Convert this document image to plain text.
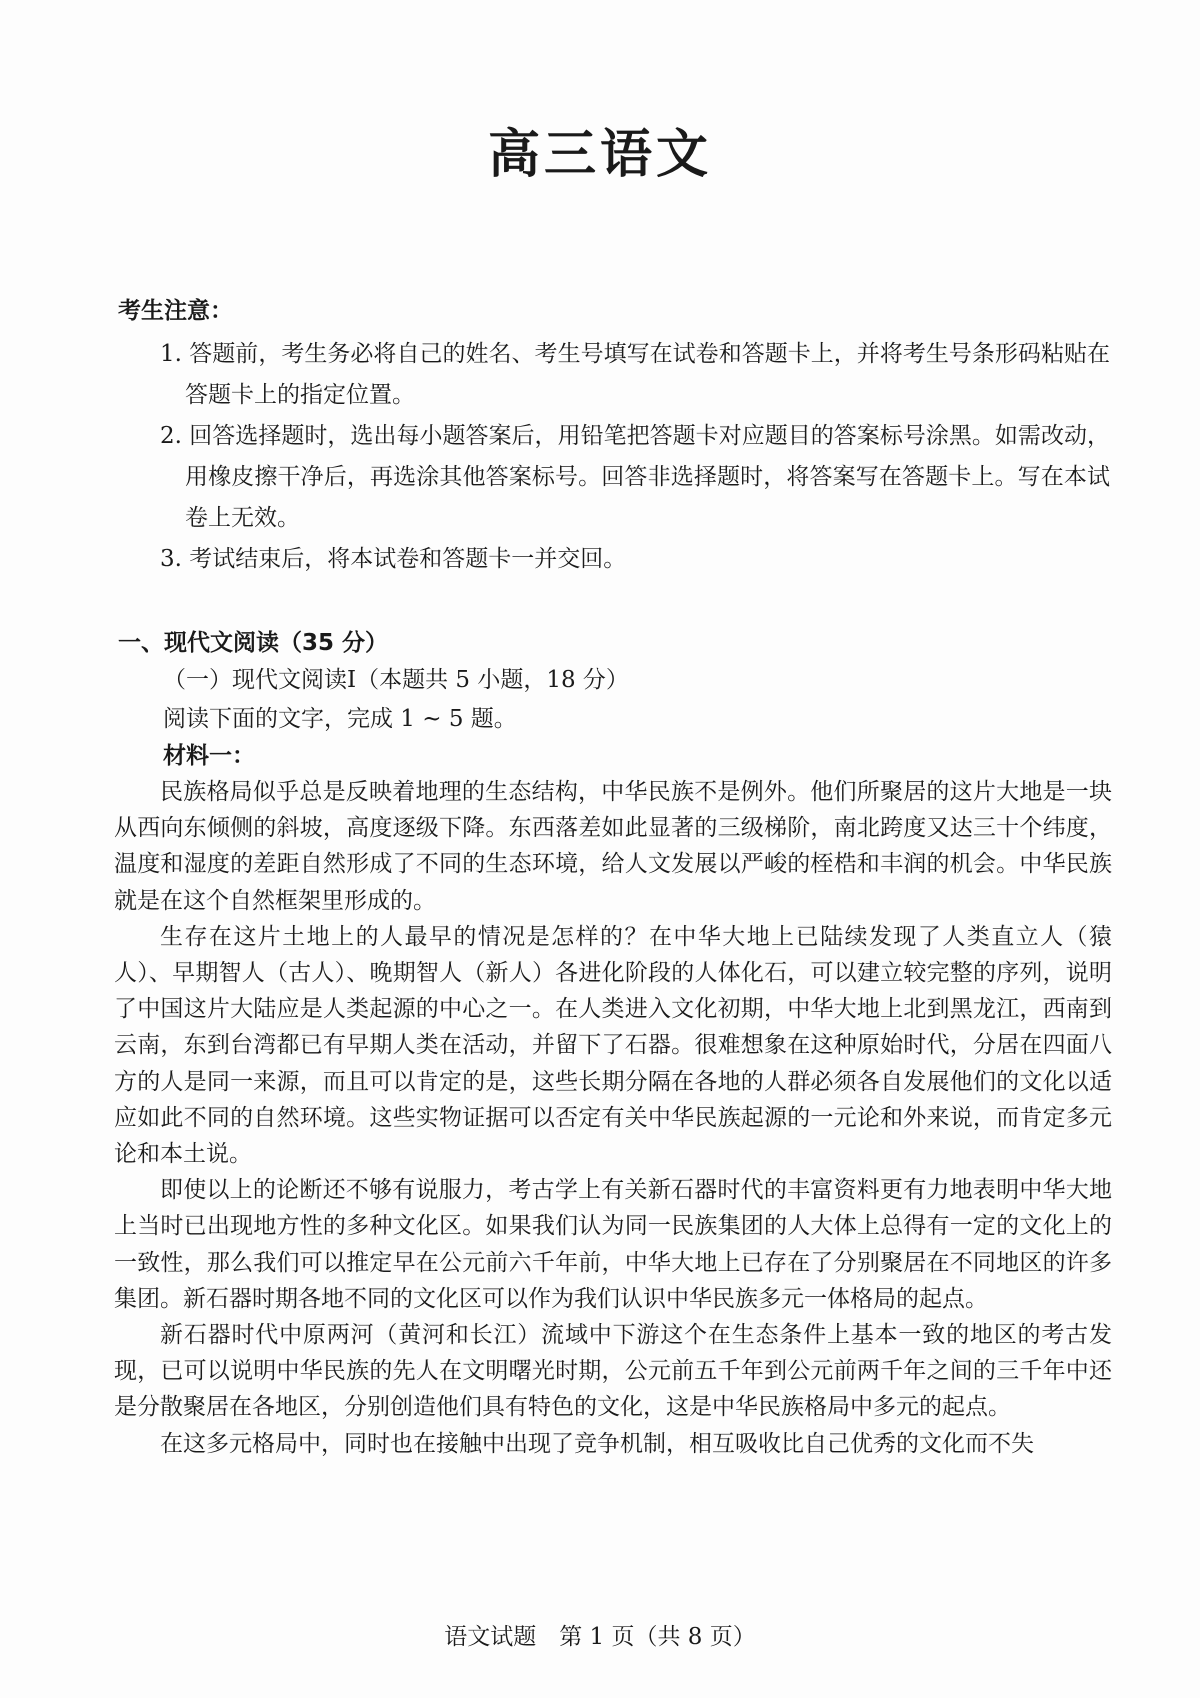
高三语文
考生注意：
1. 答题前，考生务必将自己的姓名、考生号填写在试卷和答题卡上，并将考生号条形码粘贴在答题卡上的指定位置。
2. 回答选择题时，选出每小题答案后，用铅笔把答题卡对应题目的答案标号涂黑。如需改动，用橡皮擦干净后，再选涂其他答案标号。回答非选择题时，将答案写在答题卡上。写在本试卷上无效。
3. 考试结束后，将本试卷和答题卡一并交回。
一、现代文阅读（35 分）
（一）现代文阅读Ⅰ（本题共 5 小题，18 分）
阅读下面的文字，完成 1 ~ 5 题。
材料一：

民族格局似乎总是反映着地理的生态结构，中华民族不是例外。他们所聚居的这片大地是一块从西向东倾侧的斜坡，高度逐级下降。东西落差如此显著的三级梯阶，南北跨度又达三十个纬度，温度和湿度的差距自然形成了不同的生态环境，给人文发展以严峻的桎梏和丰润的机会。中华民族就是在这个自然框架里形成的。

生存在这片土地上的人最早的情况是怎样的？在中华大地上已陆续发现了人类直立人（猿人）、早期智人（古人）、晚期智人（新人）各进化阶段的人体化石，可以建立较完整的序列，说明了中国这片大陆应是人类起源的中心之一。在人类进入文化初期，中华大地上北到黑龙江，西南到云南，东到台湾都已有早期人类在活动，并留下了石器。很难想象在这种原始时代，分居在四面八方的人是同一来源，而且可以肯定的是，这些长期分隔在各地的人群必须各自发展他们的文化以适应如此不同的自然环境。这些实物证据可以否定有关中华民族起源的一元论和外来说，而肯定多元论和本土说。

即使以上的论断还不够有说服力，考古学上有关新石器时代的丰富资料更有力地表明中华大地上当时已出现地方性的多种文化区。如果我们认为同一民族集团的人大体上总得有一定的文化上的一致性，那么我们可以推定早在公元前六千年前，中华大地上已存在了分别聚居在不同地区的许多集团。新石器时期各地不同的文化区可以作为我们认识中华民族多元一体格局的起点。

新石器时代中原两河（黄河和长江）流域中下游这个在生态条件上基本一致的地区的考古发现，已可以说明中华民族的先人在文明曙光时期，公元前五千年到公元前两千年之间的三千年中还是分散聚居在各地区，分别创造他们具有特色的文化，这是中华民族格局中多元的起点。

在这多元格局中，同时也在接触中出现了竞争机制，相互吸收比自己优秀的文化而不失

语文试题　第 1 页（共 8 页）
